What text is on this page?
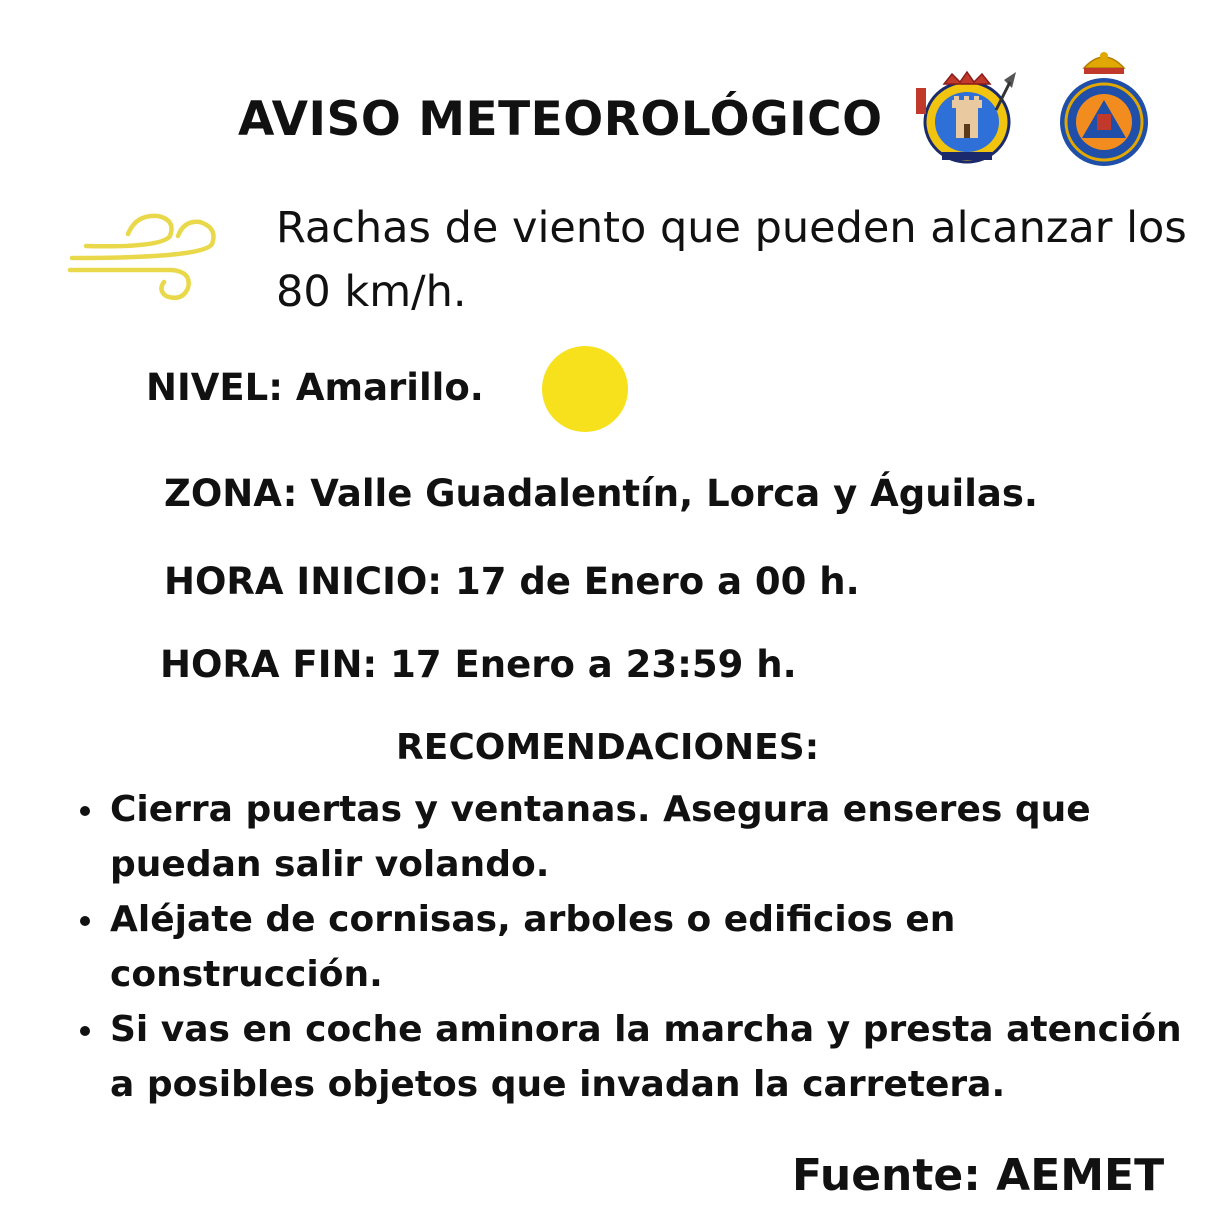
AVISO METEOROLÓGICO
Rachas de viento que pueden alcanzar los 80 km/h.
NIVEL: Amarillo.
ZONA: Valle Guadalentín, Lorca y Águilas.
HORA INICIO: 17 de Enero a 00 h.
HORA FIN: 17 Enero a 23:59 h.
RECOMENDACIONES:
Cierra puertas y ventanas. Asegura enseres que puedan salir volando.
Aléjate de cornisas, arboles o edificios en construcción.
Si vas en coche aminora la marcha y presta atención a posibles objetos que invadan la carretera.
Fuente: AEMET
